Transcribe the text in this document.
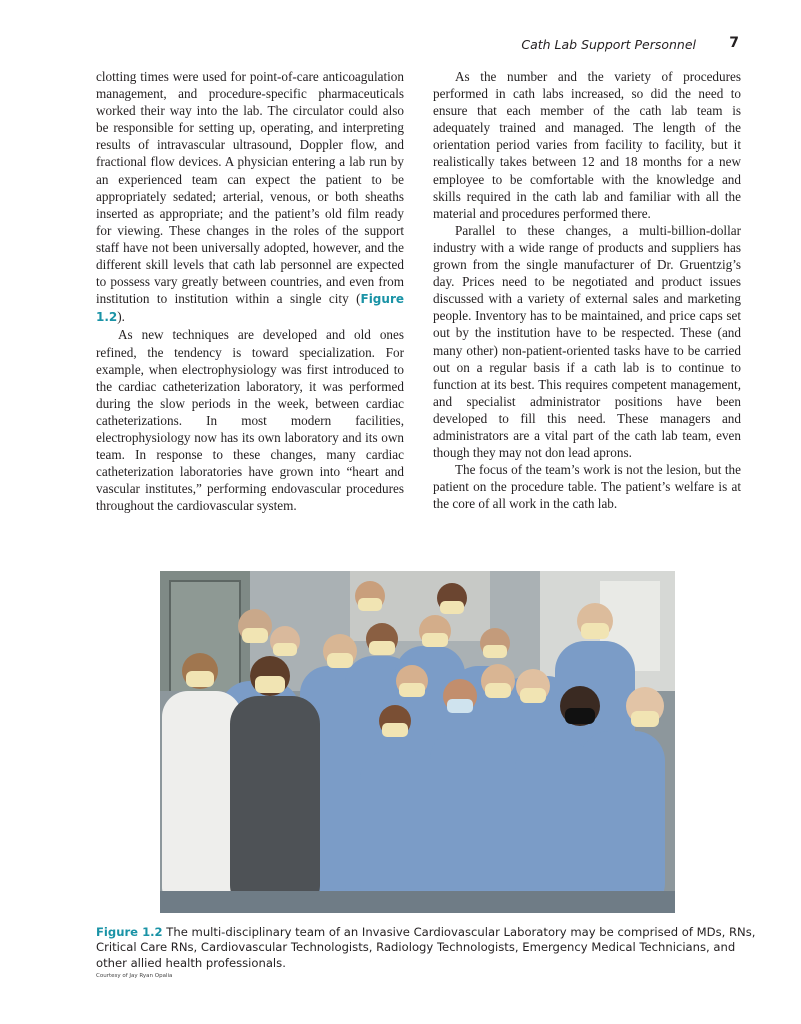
Cath Lab Support Personnel 7

clotting times were used for point-of-care anticoagulation management, and procedure-specific pharmaceuticals worked their way into the lab. The circulator could also be responsible for setting up, operating, and interpreting results of intravascular ultrasound, Doppler flow, and fractional flow devices. A physician entering a lab run by an experienced team can expect the patient to be appropriately sedated; arterial, venous, or both sheaths inserted as appropriate; and the patient’s old film ready for viewing. These changes in the roles of the support staff have not been universally adopted, however, and the different skill levels that cath lab personnel are expected to possess vary greatly between countries, and even from institution to institution within a single city (Figure 1.2).

As new techniques are developed and old ones refined, the tendency is toward specialization. For example, when electrophysiology was first introduced to the cardiac catheterization laboratory, it was performed during the slow periods in the week, between cardiac catheterizations. In most modern facilities, electrophysiology now has its own laboratory and its own team. In response to these changes, many cardiac catheterization laboratories have grown into “heart and vascular institutes,” performing endovascular procedures throughout the cardiovascular system.

As the number and the variety of procedures performed in cath labs increased, so did the need to ensure that each member of the cath lab team is adequately trained and managed. The length of the orientation period varies from facility to facility, but it realistically takes between 12 and 18 months for a new employee to be comfortable with the knowledge and skills required in the cath lab and familiar with all the material and procedures performed there.

Parallel to these changes, a multi-billion-dollar industry with a wide range of products and suppliers has grown from the single manufacturer of Dr. Gruentzig’s day. Prices need to be negotiated and product issues discussed with a variety of external sales and marketing people. Inventory has to be maintained, and price caps set out by the institution have to be respected. These (and many other) non-patient-oriented tasks have to be carried out on a regular basis if a cath lab is to continue to function at its best. This requires competent management, and specialist administrator positions have been developed to fill this need. These managers and administrators are a vital part of the cath lab team, even though they may not don lead aprons.

The focus of the team’s work is not the lesion, but the patient on the procedure table. The patient’s welfare is at the core of all work in the cath lab.

Figure 1.2 The multi-disciplinary team of an Invasive Cardiovascular Laboratory may be comprised of MDs, RNs, Critical Care RNs, Cardiovascular Technologists, Radiology Technologists, Emergency Medical Technicians, and other allied health professionals.
Courtesy of Jay Ryan Opalia
